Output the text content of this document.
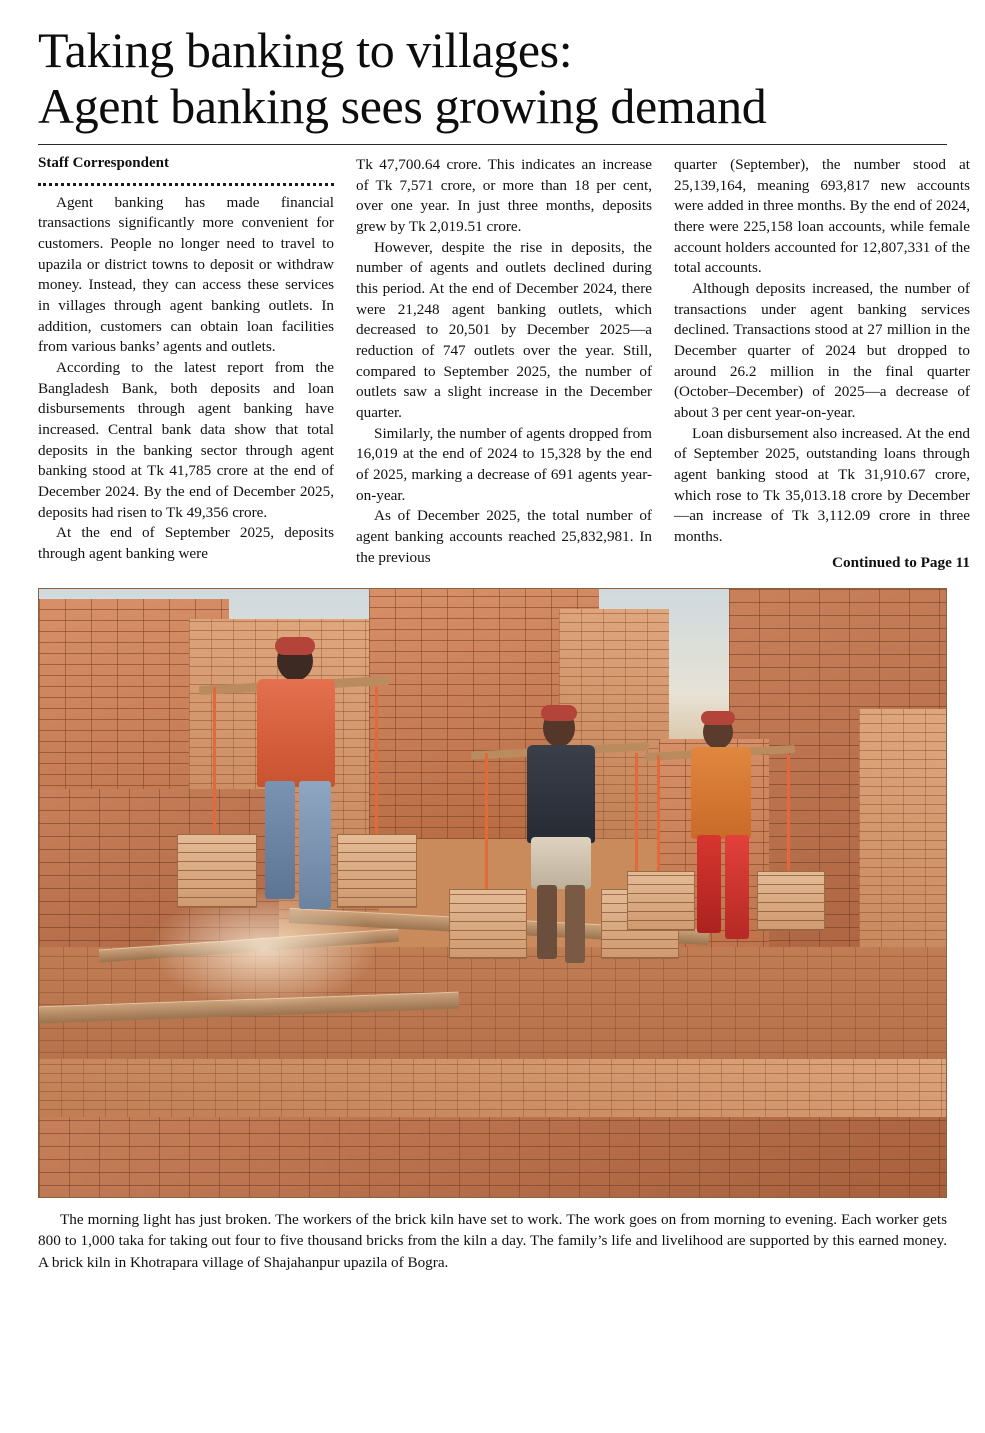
Taking banking to villages:
Agent banking sees growing demand
Staff Correspondent

Agent banking has made financial transactions significantly more convenient for customers. People no longer need to travel to upazila or district towns to deposit or withdraw money. Instead, they can access these services in villages through agent banking outlets. In addition, customers can obtain loan facilities from various banks’ agents and outlets.

According to the latest report from the Bangladesh Bank, both deposits and loan disbursements through agent banking have increased. Central bank data show that total deposits in the banking sector through agent banking stood at Tk 41,785 crore at the end of December 2024. By the end of December 2025, deposits had risen to Tk 49,356 crore.

At the end of September 2025, deposits through agent banking were

Tk 47,700.64 crore. This indicates an increase of Tk 7,571 crore, or more than 18 per cent, over one year. In just three months, deposits grew by Tk 2,019.51 crore.

However, despite the rise in deposits, the number of agents and outlets declined during this period. At the end of December 2024, there were 21,248 agent banking outlets, which decreased to 20,501 by December 2025—a reduction of 747 outlets over the year. Still, compared to September 2025, the number of outlets saw a slight increase in the December quarter.

Similarly, the number of agents dropped from 16,019 at the end of 2024 to 15,328 by the end of 2025, marking a decrease of 691 agents year-on-year.

As of December 2025, the total number of agent banking accounts reached 25,832,981. In the previous

quarter (September), the number stood at 25,139,164, meaning 693,817 new accounts were added in three months. By the end of 2024, there were 225,158 loan accounts, while female account holders accounted for 12,807,331 of the total accounts.

Although deposits increased, the number of transactions under agent banking services declined. Transactions stood at 27 million in the December quarter of 2024 but dropped to around 26.2 million in the final quarter (October–December) of 2025—a decrease of about 3 per cent year-on-year.

Loan disbursement also increased. At the end of September 2025, outstanding loans through agent banking stood at Tk 31,910.67 crore, which rose to Tk 35,013.18 crore by December—an increase of Tk 3,112.09 crore in three months.

Continued to Page 11
The morning light has just broken. The workers of the brick kiln have set to work. The work goes on from morning to evening. Each worker gets 800 to 1,000 taka for taking out four to five thousand bricks from the kiln a day. The family’s life and livelihood are supported by this earned money. A brick kiln in Khotrapara village of Shajahanpur upazila of Bogra.
